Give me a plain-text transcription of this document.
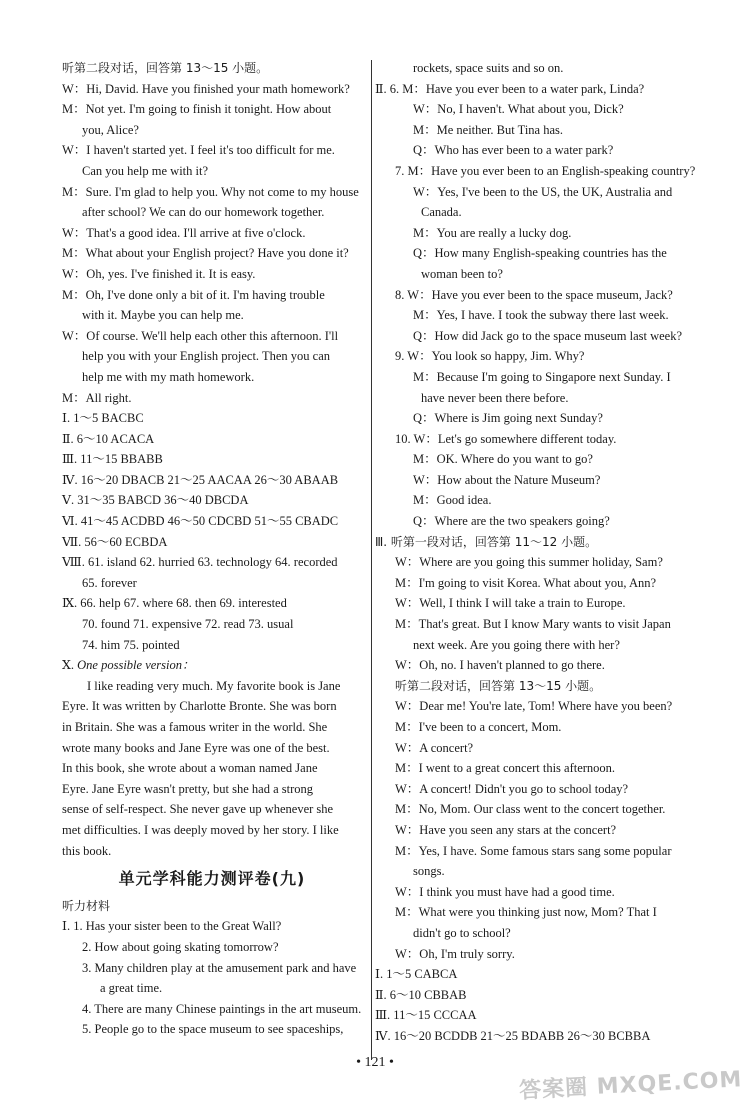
听第二段对话，回答第 13～15 小题。
W：Hi, David. Have you finished your math homework?
M：Not yet. I'm going to finish it tonight. How about
you, Alice?
W：I haven't started yet. I feel it's too difficult for me.
Can you help me with it?
M：Sure. I'm glad to help you. Why not come to my house
after school? We can do our homework together.
W：That's a good idea. I'll arrive at five o'clock.
M：What about your English project? Have you done it?
W：Oh, yes. I've finished it. It is easy.
M：Oh, I've done only a bit of it. I'm having trouble
with it. Maybe you can help me.
W：Of course. We'll help each other this afternoon. I'll
help you with your English project. Then you can
help me with my math homework.
M：All right.
Ⅰ. 1～5 BACBC
Ⅱ. 6～10 ACACA
Ⅲ. 11～15 BBABB
Ⅳ. 16～20 DBACB 21～25 AACAA 26～30 ABAAB
Ⅴ. 31～35 BABCD 36～40 DBCDA
Ⅵ. 41～45 ACDBD 46～50 CDCBD 51～55 CBADC
Ⅶ. 56～60 ECBDA
Ⅷ. 61. island 62. hurried 63. technology 64. recorded
65. forever
Ⅸ. 66. help 67. where 68. then 69. interested
70. found 71. expensive 72. read 73. usual
74. him 75. pointed
Ⅹ. One possible version：
I like reading very much. My favorite book is Jane
Eyre. It was written by Charlotte Bronte. She was born
in Britain. She was a famous writer in the world. She
wrote many books and Jane Eyre was one of the best.
In this book, she wrote about a woman named Jane
Eyre. Jane Eyre wasn't pretty, but she had a strong
sense of self-respect. She never gave up whenever she
met difficulties. I was deeply moved by her story. I like
this book.
单元学科能力测评卷(九)
听力材料
Ⅰ. 1. Has your sister been to the Great Wall?
2. How about going skating tomorrow?
3. Many children play at the amusement park and have
a great time.
4. There are many Chinese paintings in the art museum.
5. People go to the space museum to see spaceships,
rockets, space suits and so on.
Ⅱ. 6. M：Have you ever been to a water park, Linda?
W：No, I haven't. What about you, Dick?
M：Me neither. But Tina has.
Q：Who has ever been to a water park?
7. M：Have you ever been to an English-speaking country?
W：Yes, I've been to the US, the UK, Australia and
Canada.
M：You are really a lucky dog.
Q：How many English-speaking countries has the
woman been to?
8. W：Have you ever been to the space museum, Jack?
M：Yes, I have. I took the subway there last week.
Q：How did Jack go to the space museum last week?
9. W：You look so happy, Jim. Why?
M：Because I'm going to Singapore next Sunday. I
have never been there before.
Q：Where is Jim going next Sunday?
10. W：Let's go somewhere different today.
M：OK. Where do you want to go?
W：How about the Nature Museum?
M：Good idea.
Q：Where are the two speakers going?
Ⅲ. 听第一段对话，回答第 11～12 小题。
W：Where are you going this summer holiday, Sam?
M：I'm going to visit Korea. What about you, Ann?
W：Well, I think I will take a train to Europe.
M：That's great. But I know Mary wants to visit Japan
next week. Are you going there with her?
W：Oh, no. I haven't planned to go there.
听第二段对话，回答第 13～15 小题。
W：Dear me! You're late, Tom! Where have you been?
M：I've been to a concert, Mom.
W：A concert?
M：I went to a great concert this afternoon.
W：A concert! Didn't you go to school today?
M：No, Mom. Our class went to the concert together.
W：Have you seen any stars at the concert?
M：Yes, I have. Some famous stars sang some popular
songs.
W：I think you must have had a good time.
M：What were you thinking just now, Mom? That I
didn't go to school?
W：Oh, I'm truly sorry.
Ⅰ. 1～5 CABCA
Ⅱ. 6～10 CBBAB
Ⅲ. 11～15 CCCAA
Ⅳ. 16～20 BCDDB 21～25 BDABB 26～30 BCBBA
• 121 •
答案圈 MXQE.COM
